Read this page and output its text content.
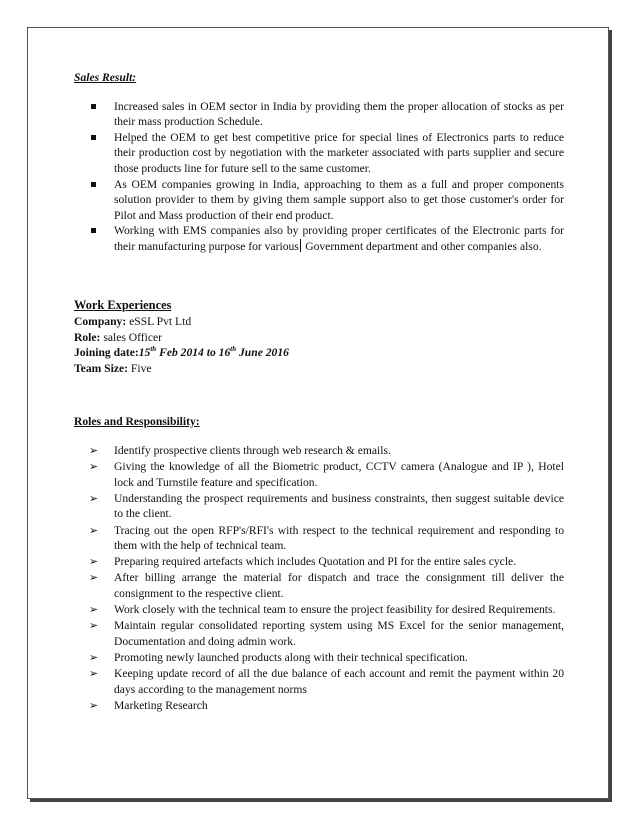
Sales Result:
Increased sales in OEM sector in India by providing them the proper allocation of stocks as per their mass production Schedule.
Helped the OEM to get best competitive price for special lines of Electronics parts to reduce their production cost by negotiation with the marketer associated with parts supplier and secure those products line for future sell to the same customer.
As OEM companies growing in India, approaching to them as a full and proper components solution provider to them by giving them sample support also to get those customer's order for Pilot and Mass production of their end product.
Working with EMS companies also by providing proper certificates of the Electronic parts for their manufacturing purpose for various Government department and other companies also.
Work Experiences

Company: eSSL Pvt Ltd

Role: sales Officer

Joining date:15th Feb 2014 to 16th June 2016

Team Size: Five

Roles and Responsibility:
➢ Identify prospective clients through web research & emails.
➢ Giving the knowledge of all the Biometric product, CCTV camera (Analogue and IP ), Hotel lock and Turnstile feature and specification.
➢ Understanding the prospect requirements and business constraints, then suggest suitable device to the client.
➢ Tracing out the open RFP's/RFI's with respect to the technical requirement and responding to them with the help of technical team.
➢ Preparing required artefacts which includes Quotation and PI for the entire sales cycle.
➢ After billing arrange the material for dispatch and trace the consignment till deliver the consignment to the respective client.
➢ Work closely with the technical team to ensure the project feasibility for desired Requirements.
➢ Maintain regular consolidated reporting system using MS Excel for the senior management, Documentation and doing admin work.
➢ Promoting newly launched products along with their technical specification.
➢ Keeping update record of all the due balance of each account and remit the payment within 20 days according to the management norms
➢ Marketing Research
